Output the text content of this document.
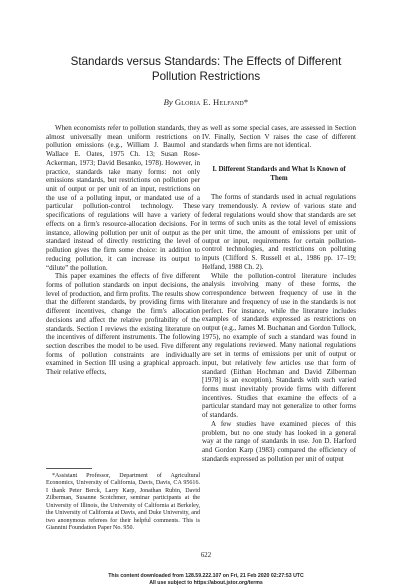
Standards versus Standards: The Effects of Different
Pollution Restrictions
By Gloria E. Helfand*

When economists refer to pollution standards, they almost universally mean uniform restrictions on pollution emissions (e.g., William J. Baumol and Wallace E. Oates, 1975 Ch. 13; Susan Rose-Ackerman, 1973; David Besanko, 1978). However, in practice, standards take many forms: not only emissions standards, but restrictions on pollution per unit of output or per unit of an input, restrictions on the use of a polluting input, or mandated use of a particular pollution-control technology. These specifications of regulations will have a variety of effects on a firm's resource-allocation decisions. For instance, allowing pollution per unit of output as the standard instead of directly restricting the level of pollution gives the firm some choice: in addition to reducing pollution, it can increase its output to “dilute” the pollution.

This paper examines the effects of five different forms of pollution standards on input decisions, the level of production, and firm profits. The results show that the different standards, by providing firms with different incentives, change the firm's allocation decisions and affect the relative profitability of the standards. Section I reviews the existing literature on the incentives of different instruments. The following section describes the model to be used. Five different forms of pollution constraints are individually examined in Section III using a graphical approach. Their relative effects,

as well as some special cases, are assessed in Section IV. Finally, Section V raises the case of different standards when firms are not identical.

I. Different Standards and What Is Known of Them

The forms of standards used in actual regulations vary tremendously. A review of various state and federal regulations would show that standards are set in terms of such units as the total level of emissions per unit time, the amount of emissions per unit of output or input, requirements for certain pollution-control technologies, and restrictions on polluting inputs (Clifford S. Russell et al., 1986 pp. 17–19; Helfand, 1988 Ch. 2).

While the pollution-control literature includes analysis involving many of these forms, the correspondence between frequency of use in the literature and frequency of use in the standards is not perfect. For instance, while the literature includes examples of standards expressed as restrictions on output (e.g., James M. Buchanan and Gordon Tullock, 1975), no example of such a standard was found in any regulations reviewed. Many national regulations are set in terms of emissions per unit of output or input, but relatively few articles use that form of standard (Eithan Hochman and David Zilberman [1978] is an exception). Standards with such varied forms must inevitably provide firms with different incentives. Studies that examine the effects of a particular standard may not generalize to other forms of standards.

A few studies have examined pieces of this problem, but no one study has looked in a general way at the range of standards in use. Jon D. Harford and Gordon Karp (1983) compared the efficiency of standards expressed as pollution per unit of output

*Assistant Professor, Department of Agricultural Economics, University of California, Davis, Davis, CA 95616. I thank Peter Berck, Larry Karp, Jonathan Rubin, David Zilberman, Susanne Scotchmer, seminar participants at the University of Illinois, the University of California at Berkeley, the University of California at Davis, and Duke University, and two anonymous referees for their helpful comments. This is Giannini Foundation Paper No. 950.

622
This content downloaded from 128.59.222.107 on Fri, 21 Feb 2020 02:27:53 UTC
All use subject to https://about.jstor.org/terms
